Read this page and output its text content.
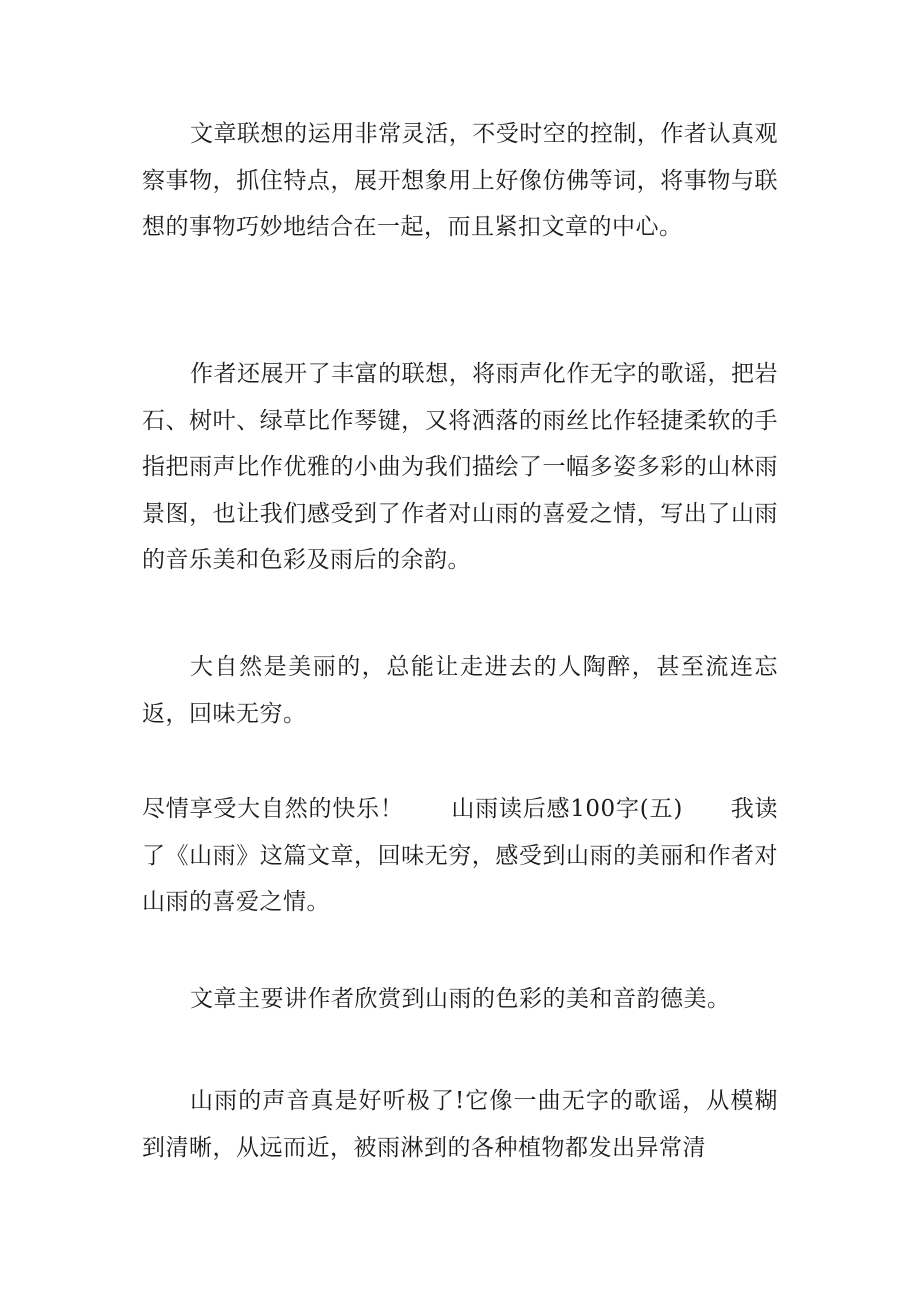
文章联想的运用非常灵活，不受时空的控制，作者认真观察事物，抓住特点，展开想象用上好像仿佛等词，将事物与联想的事物巧妙地结合在一起，而且紧扣文章的中心。

作者还展开了丰富的联想，将雨声化作无字的歌谣，把岩石、树叶、绿草比作琴键，又将洒落的雨丝比作轻捷柔软的手指把雨声比作优雅的小曲为我们描绘了一幅多姿多彩的山林雨景图，也让我们感受到了作者对山雨的喜爱之情，写出了山雨的音乐美和色彩及雨后的余韵。

大自然是美丽的，总能让走进去的人陶醉，甚至流连忘返，回味无穷。

尽情享受大自然的快乐！　　山雨读后感100字(五)　　我读了《山雨》这篇文章，回味无穷，感受到山雨的美丽和作者对山雨的喜爱之情。

文章主要讲作者欣赏到山雨的色彩的美和音韵德美。

山雨的声音真是好听极了!它像一曲无字的歌谣，从模糊到清晰，从远而近，被雨淋到的各种植物都发出异常清
